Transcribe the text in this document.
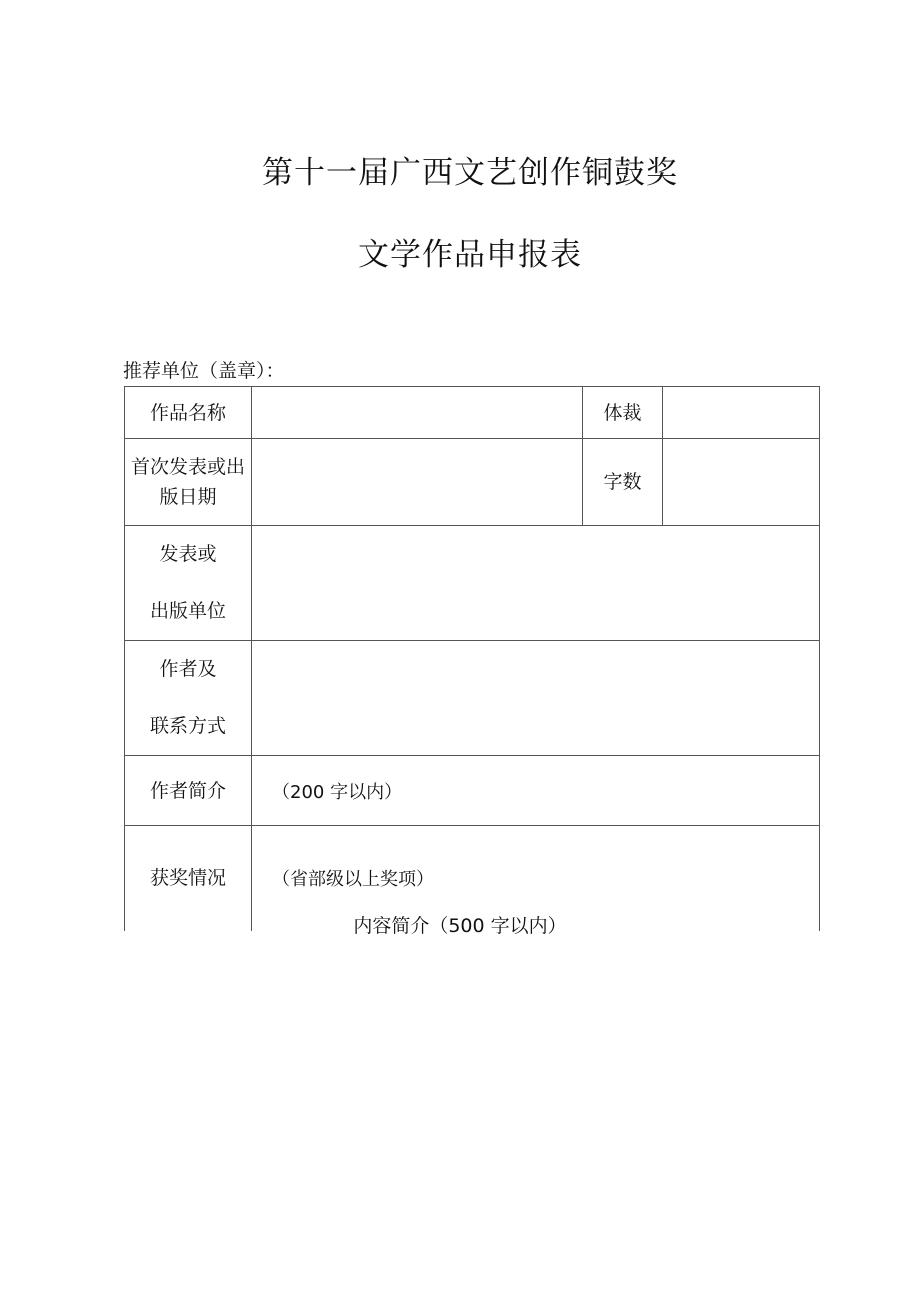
第十一届广西文艺创作铜鼓奖
文学作品申报表
推荐单位（盖章）：
作品名称		体裁	

首次发表或出
版日期		字数	

发表或
出版单位			

作者及
联系方式			

作者简介	（200 字以内）		
获奖情况	（省部级以上奖项）		
内容简介（500 字以内）
